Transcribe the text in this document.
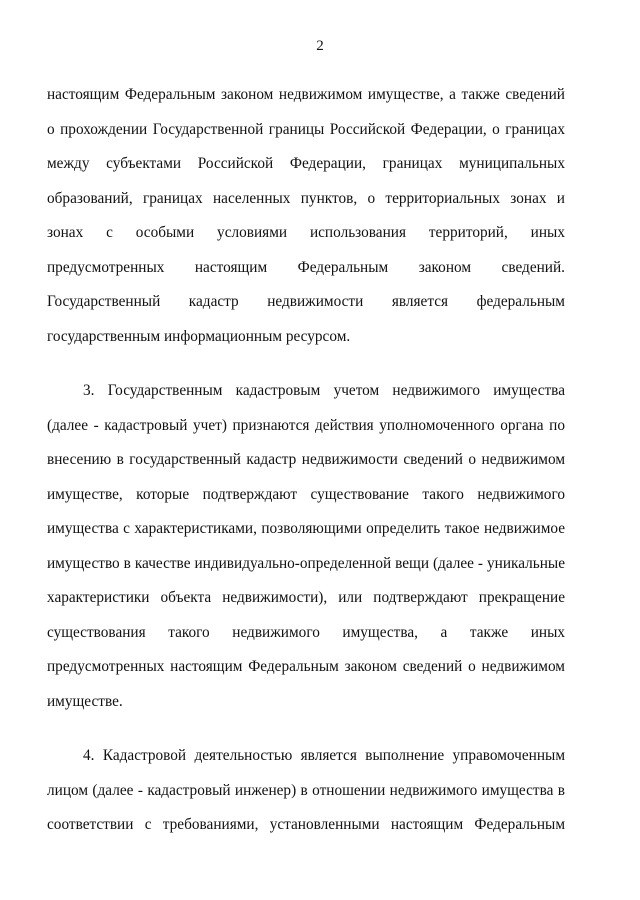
2
настоящим Федеральным законом недвижимом имуществе, а также сведений
о прохождении Государственной границы Российской Федерации, о границах
между субъектами Российской Федерации, границах муниципальных
образований, границах населенных пунктов, о территориальных зонах и
зонах с особыми условиями использования территорий, иных
предусмотренных настоящим Федеральным законом сведений.
Государственный кадастр недвижимости является федеральным
государственным информационным ресурсом.
3. Государственным кадастровым учетом недвижимого имущества
(далее - кадастровый учет) признаются действия уполномоченного органа по
внесению в государственный кадастр недвижимости сведений о недвижимом
имуществе, которые подтверждают существование такого недвижимого
имущества с характеристиками, позволяющими определить такое недвижимое
имущество в качестве индивидуально-определенной вещи (далее - уникальные
характеристики объекта недвижимости), или подтверждают прекращение
существования такого недвижимого имущества, а также иных
предусмотренных настоящим Федеральным законом сведений о недвижимом
имуществе.
4. Кадастровой деятельностью является выполнение управомоченным
лицом (далее - кадастровый инженер) в отношении недвижимого имущества в
соответствии с требованиями, установленными настоящим Федеральным
